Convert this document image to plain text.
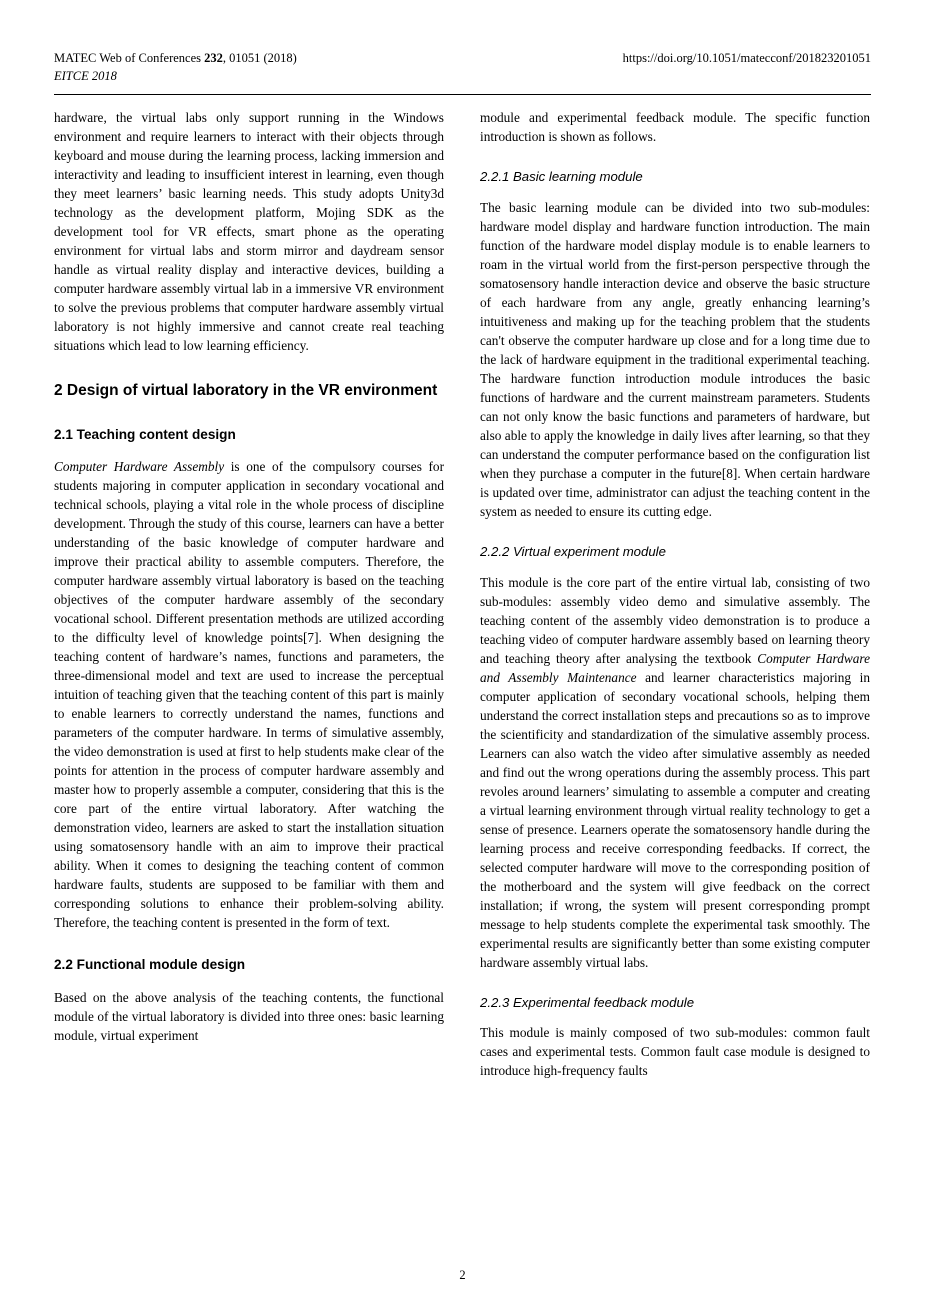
MATEC Web of Conferences 232, 01051 (2018)
EITCE 2018
https://doi.org/10.1051/matecconf/201823201051

hardware, the virtual labs only support running in the Windows environment and require learners to interact with their objects through keyboard and mouse during the learning process, lacking immersion and interactivity and leading to insufficient interest in learning, even though they meet learners’ basic learning needs. This study adopts Unity3d technology as the development platform, Mojing SDK as the development tool for VR effects, smart phone as the operating environment for virtual labs and storm mirror and daydream sensor handle as virtual reality display and interactive devices, building a computer hardware assembly virtual lab in a immersive VR environment to solve the previous problems that computer hardware assembly virtual laboratory is not highly immersive and cannot create real teaching situations which lead to low learning efficiency.

2 Design of virtual laboratory in the VR environment
2.1 Teaching content design

Computer Hardware Assembly is one of the compulsory courses for students majoring in computer application in secondary vocational and technical schools, playing a vital role in the whole process of discipline development. Through the study of this course, learners can have a better understanding of the basic knowledge of computer hardware and improve their practical ability to assemble computers. Therefore, the computer hardware assembly virtual laboratory is based on the teaching objectives of the computer hardware assembly of the secondary vocational school. Different presentation methods are utilized according to the difficulty level of knowledge points[7]. When designing the teaching content of hardware’s names, functions and parameters, the three-dimensional model and text are used to increase the perceptual intuition of teaching given that the teaching content of this part is mainly to enable learners to correctly understand the names, functions and parameters of the computer hardware. In terms of simulative assembly, the video demonstration is used at first to help students make clear of the points for attention in the process of computer hardware assembly and master how to properly assemble a computer, considering that this is the core part of the entire virtual laboratory. After watching the demonstration video, learners are asked to start the installation situation using somatosensory handle with an aim to improve their practical ability. When it comes to designing the teaching content of common hardware faults, students are supposed to be familiar with them and corresponding solutions to enhance their problem-solving ability. Therefore, the teaching content is presented in the form of text.

2.2 Functional module design

Based on the above analysis of the teaching contents, the functional module of the virtual laboratory is divided into three ones: basic learning module, virtual experiment

module and experimental feedback module. The specific function introduction is shown as follows.

2.2.1 Basic learning module

The basic learning module can be divided into two sub-modules: hardware model display and hardware function introduction. The main function of the hardware model display module is to enable learners to roam in the virtual world from the first-person perspective through the somatosensory handle interaction device and observe the basic structure of each hardware from any angle, greatly enhancing learning’s intuitiveness and making up for the teaching problem that the students can't observe the computer hardware up close and for a long time due to the lack of hardware equipment in the traditional experimental teaching. The hardware function introduction module introduces the basic functions of hardware and the current mainstream parameters. Students can not only know the basic functions and parameters of hardware, but also able to apply the knowledge in daily lives after learning, so that they can understand the computer performance based on the configuration list when they purchase a computer in the future[8]. When certain hardware is updated over time, administrator can adjust the teaching content in the system as needed to ensure its cutting edge.

2.2.2 Virtual experiment module

This module is the core part of the entire virtual lab, consisting of two sub-modules: assembly video demo and simulative assembly. The teaching content of the assembly video demonstration is to produce a teaching video of computer hardware assembly based on learning theory and teaching theory after analysing the textbook Computer Hardware and Assembly Maintenance and learner characteristics majoring in computer application of secondary vocational schools, helping them understand the correct installation steps and precautions so as to improve the scientificity and standardization of the simulative assembly process. Learners can also watch the video after simulative assembly as needed and find out the wrong operations during the assembly process. This part revoles around learners’ simulating to assemble a computer and creating a virtual learning environment through virtual reality technology to get a sense of presence. Learners operate the somatosensory handle during the learning process and receive corresponding feedbacks. If correct, the selected computer hardware will move to the corresponding position of the motherboard and the system will give feedback on the correct installation; if wrong, the system will present corresponding prompt message to help students complete the experimental task smoothly. The experimental results are significantly better than some existing computer hardware assembly virtual labs.

2.2.3 Experimental feedback module

This module is mainly composed of two sub-modules: common fault cases and experimental tests. Common fault case module is designed to introduce high-frequency faults

2
